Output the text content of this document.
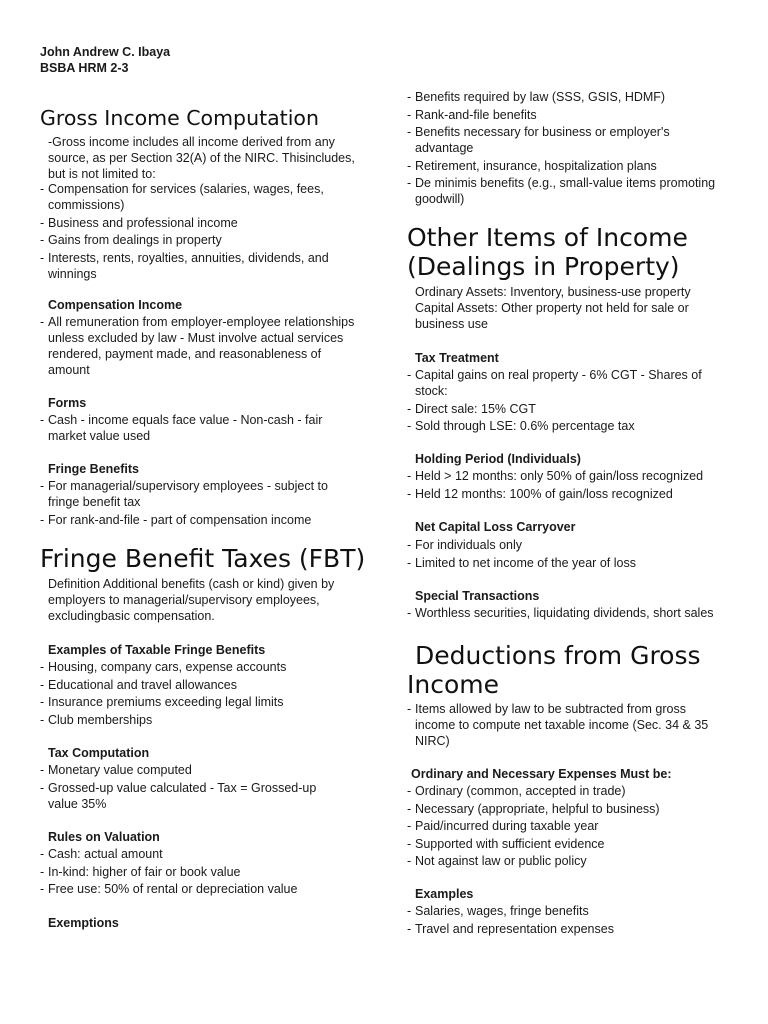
John Andrew C. Ibaya
BSBA HRM 2-3
Gross Income Computation

-Gross income includes all income derived from any source, as per Section 32(A) of the NIRC. Thisincludes, but is not limited to:

- Compensation for services (salaries, wages, fees, commissions)
- Business and professional income
- Gains from dealings in property
- Interests, rents, royalties, annuities, dividends, and winnings
Compensation Income
- All remuneration from employer-employee relationships unless excluded by law - Must involve actual services rendered, payment made, and reasonableness of amount
Forms
- Cash - income equals face value - Non-cash - fair market value used
Fringe Benefits
- For managerial/supervisory employees - subject to fringe benefit tax
- For rank-and-file - part of compensation income
Fringe Benefit Taxes (FBT)

Definition Additional benefits (cash or kind) given by employers to managerial/supervisory employees, excludingbasic compensation.

Examples of Taxable Fringe Benefits
- Housing, company cars, expense accounts
- Educational and travel allowances
- Insurance premiums exceeding legal limits
- Club memberships
Tax Computation
- Monetary value computed
- Grossed-up value calculated - Tax = Grossed-up value 35%
Rules on Valuation
- Cash: actual amount
- In-kind: higher of fair or book value
- Free use: 50% of rental or depreciation value
Exemptions
- Benefits required by law (SSS, GSIS, HDMF)
- Rank-and-file benefits
- Benefits necessary for business or employer's advantage
- Retirement, insurance, hospitalization plans
- De minimis benefits (e.g., small-value items promoting goodwill)
Other Items of Income (Dealings in Property)

Ordinary Assets: Inventory, business-use property

Capital Assets: Other property not held for sale or business use

Tax Treatment
- Capital gains on real property - 6% CGT - Shares of stock:
- Direct sale: 15% CGT
- Sold through LSE: 0.6% percentage tax
Holding Period (Individuals)
- Held > 12 months: only 50% of gain/loss recognized
- Held 12 months: 100% of gain/loss recognized
Net Capital Loss Carryover
- For individuals only
- Limited to net income of the year of loss
Special Transactions
- Worthless securities, liquidating dividends, short sales
Deductions from Gross Income
- Items allowed by law to be subtracted from gross income to compute net taxable income (Sec. 34 & 35 NIRC)
Ordinary and Necessary Expenses Must be:
- Ordinary (common, accepted in trade)
- Necessary (appropriate, helpful to business)
- Paid/incurred during taxable year
- Supported with sufficient evidence
- Not against law or public policy
Examples
- Salaries, wages, fringe benefits
- Travel and representation expenses
